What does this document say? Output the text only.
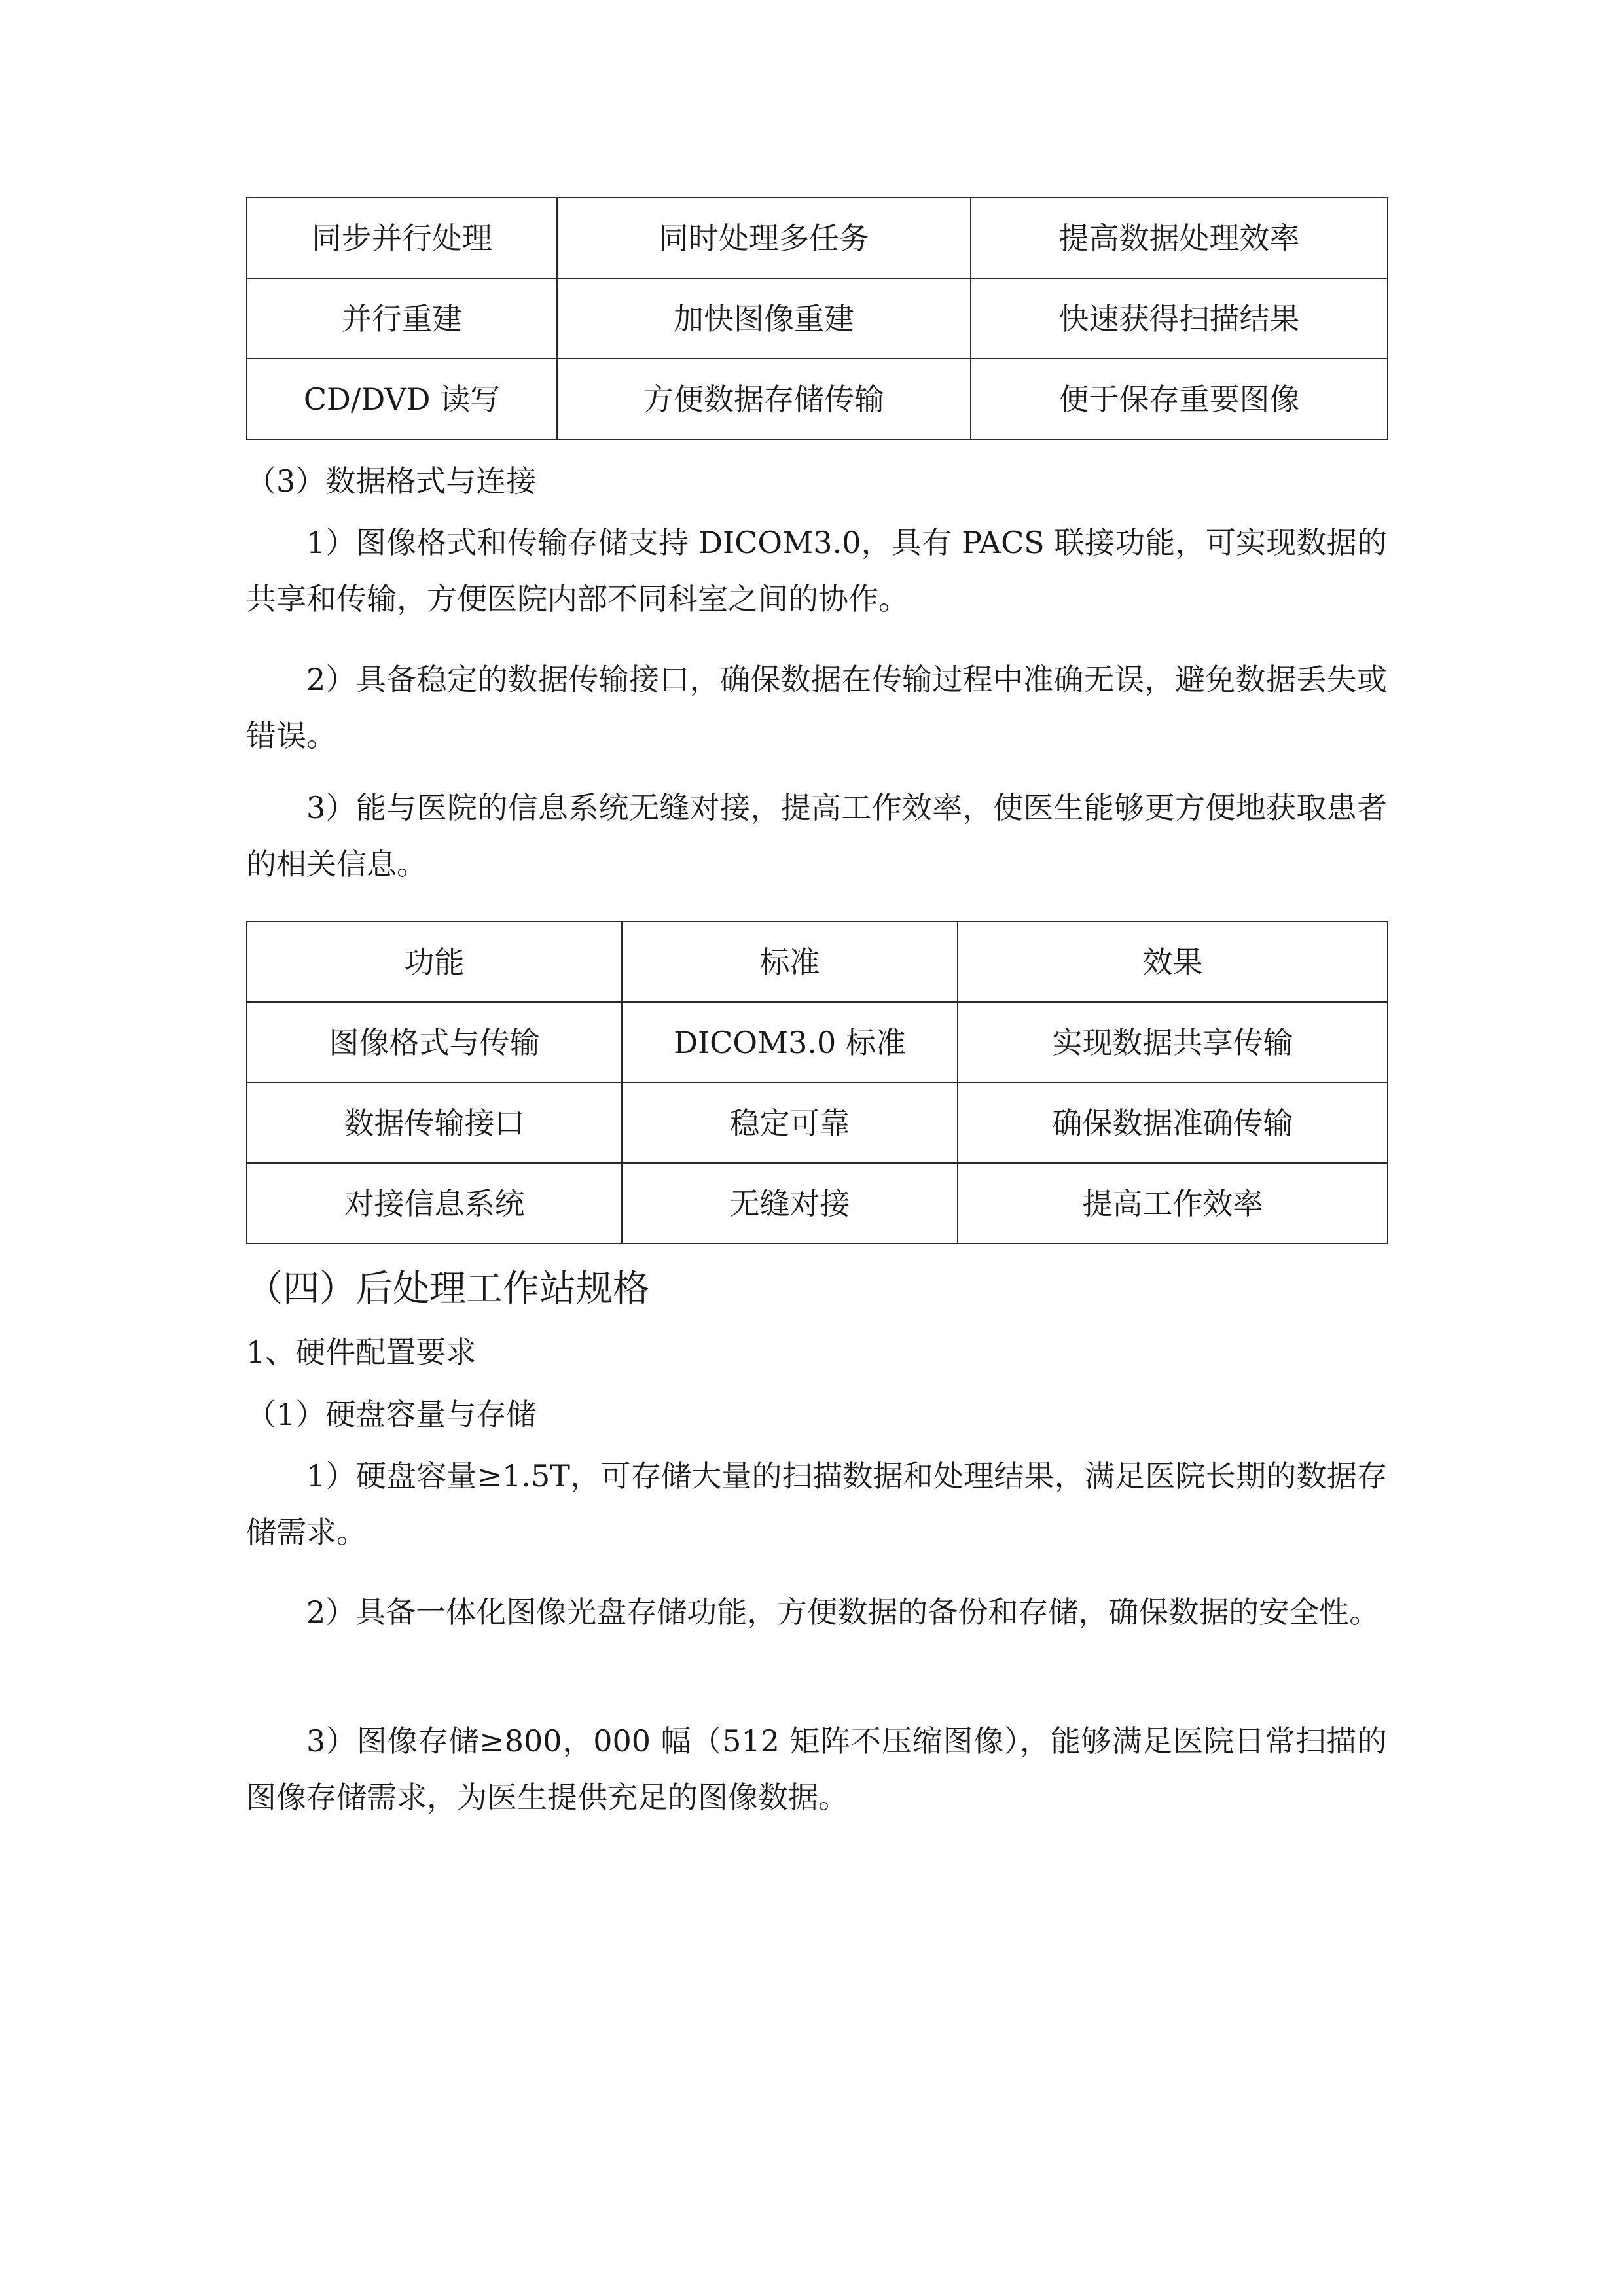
同步并行处理	同时处理多任务	提高数据处理效率
并行重建	加快图像重建	快速获得扫描结果
CD/DVD 读写	方便数据存储传输	便于保存重要图像
（3）数据格式与连接
1）图像格式和传输存储支持 DICOM3.0，具有 PACS 联接功能，可实现数据的共享和传输，方便医院内部不同科室之间的协作。
2）具备稳定的数据传输接口，确保数据在传输过程中准确无误，避免数据丢失或错误。
3）能与医院的信息系统无缝对接，提高工作效率，使医生能够更方便地获取患者的相关信息。
功能	标准	效果
图像格式与传输	DICOM3.0 标准	实现数据共享传输
数据传输接口	稳定可靠	确保数据准确传输
对接信息系统	无缝对接	提高工作效率
（四）后处理工作站规格
1、硬件配置要求
（1）硬盘容量与存储
1）硬盘容量≥1.5T，可存储大量的扫描数据和处理结果，满足医院长期的数据存储需求。
2）具备一体化图像光盘存储功能，方便数据的备份和存储，确保数据的安全性。
3）图像存储≥800，000 幅（512 矩阵不压缩图像），能够满足医院日常扫描的图像存储需求，为医生提供充足的图像数据。
